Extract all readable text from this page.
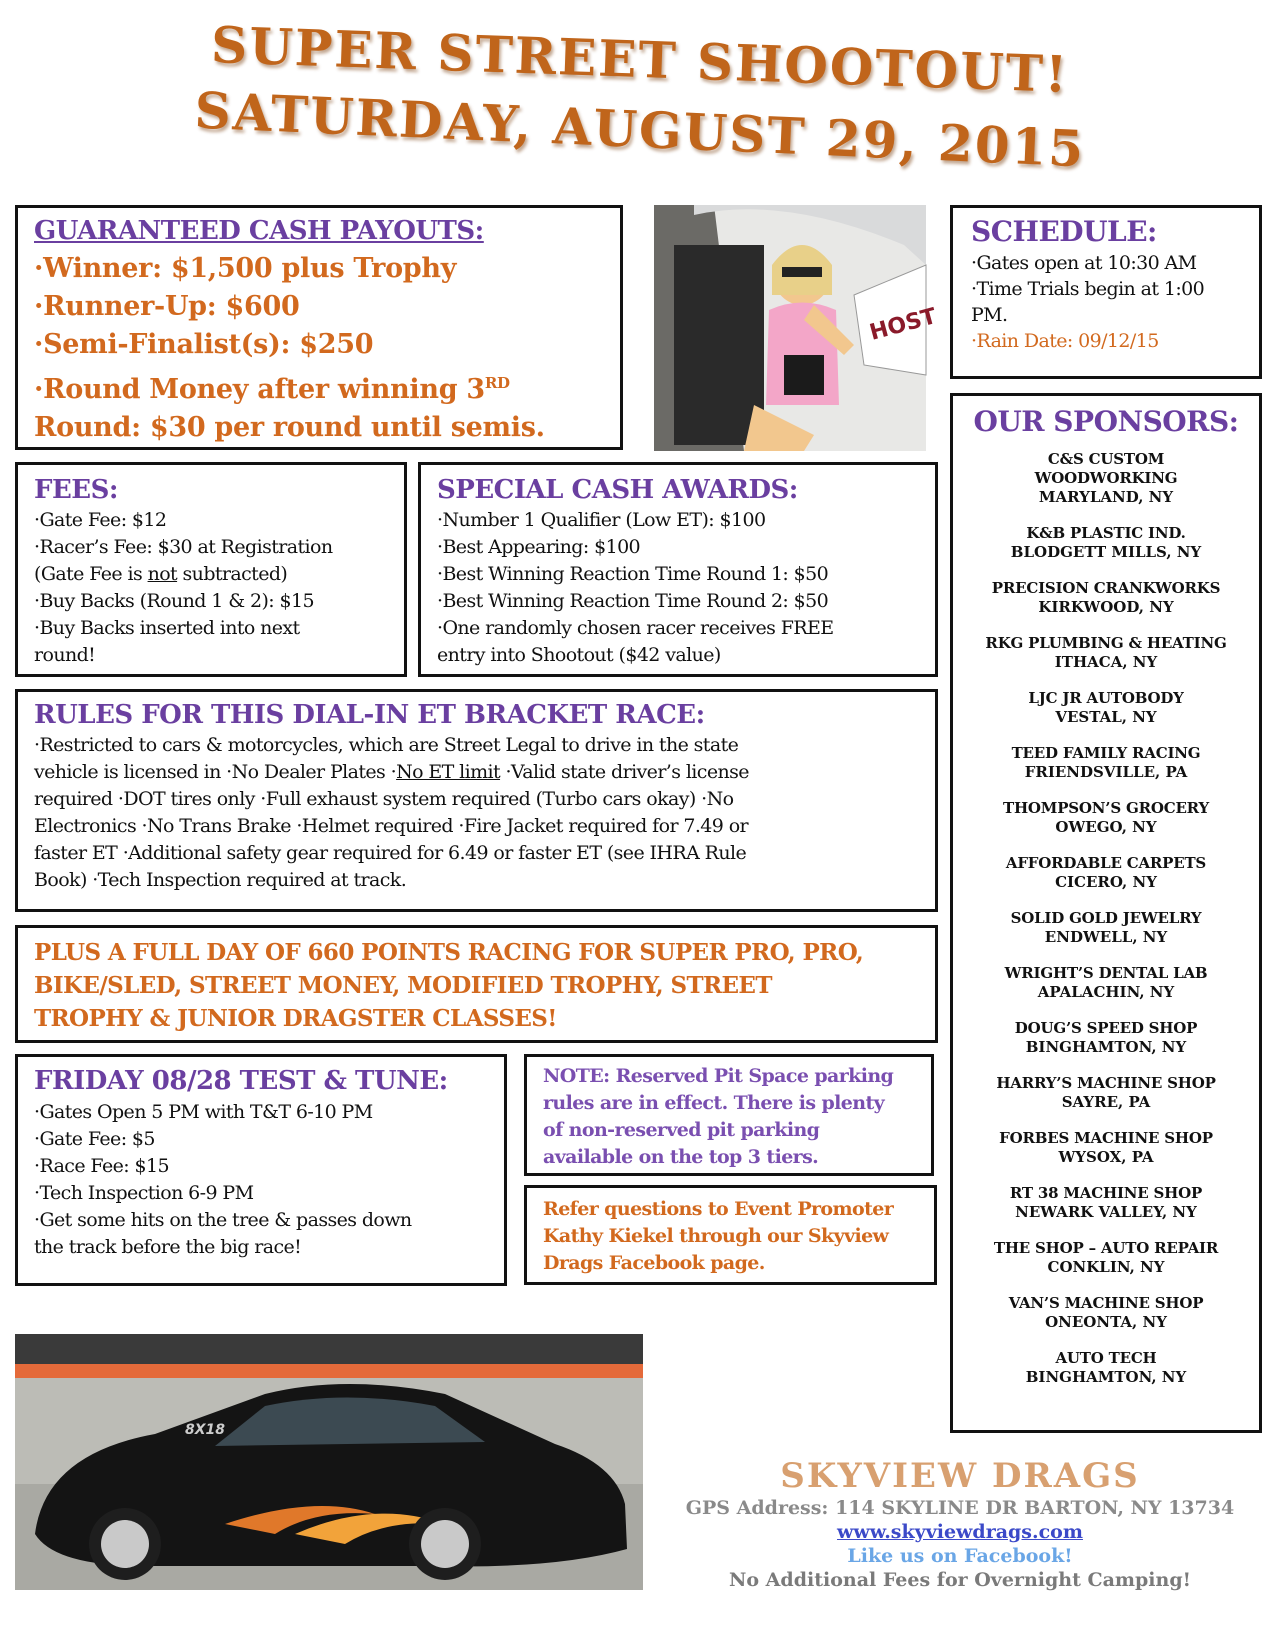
SUPER STREET SHOOTOUT!
SATURDAY, AUGUST 29, 2015
GUARANTEED CASH PAYOUTS:
·Winner: $1,500 plus Trophy
·Runner-Up: $600
·Semi-Finalist(s): $250
·Round Money after winning 3RD
Round: $30 per round until semis.
HOST
SCHEDULE:
·Gates open at 10:30 AM
·Time Trials begin at 1:00
PM.
·Rain Date: 09/12/15
FEES:
·Gate Fee: $12
·Racer’s Fee: $30 at Registration
(Gate Fee is not subtracted)
·Buy Backs (Round 1 & 2): $15
·Buy Backs inserted into next
round!
SPECIAL CASH AWARDS:
·Number 1 Qualifier (Low ET): $100
·Best Appearing: $100
·Best Winning Reaction Time Round 1: $50
·Best Winning Reaction Time Round 2: $50
·One randomly chosen racer receives FREE
entry into Shootout ($42 value)
RULES FOR THIS DIAL-IN ET BRACKET RACE:
·Restricted to cars & motorcycles, which are Street Legal to drive in the state
vehicle is licensed in ·No Dealer Plates ·No ET limit ·Valid state driver’s license
required ·DOT tires only ·Full exhaust system required (Turbo cars okay) ·No
Electronics ·No Trans Brake ·Helmet required ·Fire Jacket required for 7.49 or
faster ET ·Additional safety gear required for 6.49 or faster ET (see IHRA Rule
Book) ·Tech Inspection required at track.
PLUS A FULL DAY OF 660 POINTS RACING FOR SUPER PRO, PRO,
BIKE/SLED, STREET MONEY, MODIFIED TROPHY, STREET
TROPHY & JUNIOR DRAGSTER CLASSES!
FRIDAY 08/28 TEST & TUNE:
·Gates Open 5 PM with T&T 6-10 PM
·Gate Fee: $5
·Race Fee: $15
·Tech Inspection 6-9 PM
·Get some hits on the tree & passes down
the track before the big race!
NOTE: Reserved Pit Space parking
rules are in effect. There is plenty
of non-reserved pit parking
available on the top 3 tiers.
Refer questions to Event Promoter
Kathy Kiekel through our Skyview
Drags Facebook page.
OUR SPONSORS:
C&S CUSTOM
WOODWORKING
MARYLAND, NY
K&B PLASTIC IND.
BLODGETT MILLS, NY
PRECISION CRANKWORKS
KIRKWOOD, NY
RKG PLUMBING & HEATING
ITHACA, NY
LJC JR AUTOBODY
VESTAL, NY
TEED FAMILY RACING
FRIENDSVILLE, PA
THOMPSON’S GROCERY
OWEGO, NY
AFFORDABLE CARPETS
CICERO, NY
SOLID GOLD JEWELRY
ENDWELL, NY
WRIGHT’S DENTAL LAB
APALACHIN, NY
DOUG’S SPEED SHOP
BINGHAMTON, NY
HARRY’S MACHINE SHOP
SAYRE, PA
FORBES MACHINE SHOP
WYSOX, PA
RT 38 MACHINE SHOP
NEWARK VALLEY, NY
THE SHOP – AUTO REPAIR
CONKLIN, NY
VAN’S MACHINE SHOP
ONEONTA, NY
AUTO TECH
BINGHAMTON, NY
8X18
SKYVIEW DRAGS
GPS Address: 114 SKYLINE DR BARTON, NY 13734
www.skyviewdrags.com
Like us on Facebook!
No Additional Fees for Overnight Camping!
